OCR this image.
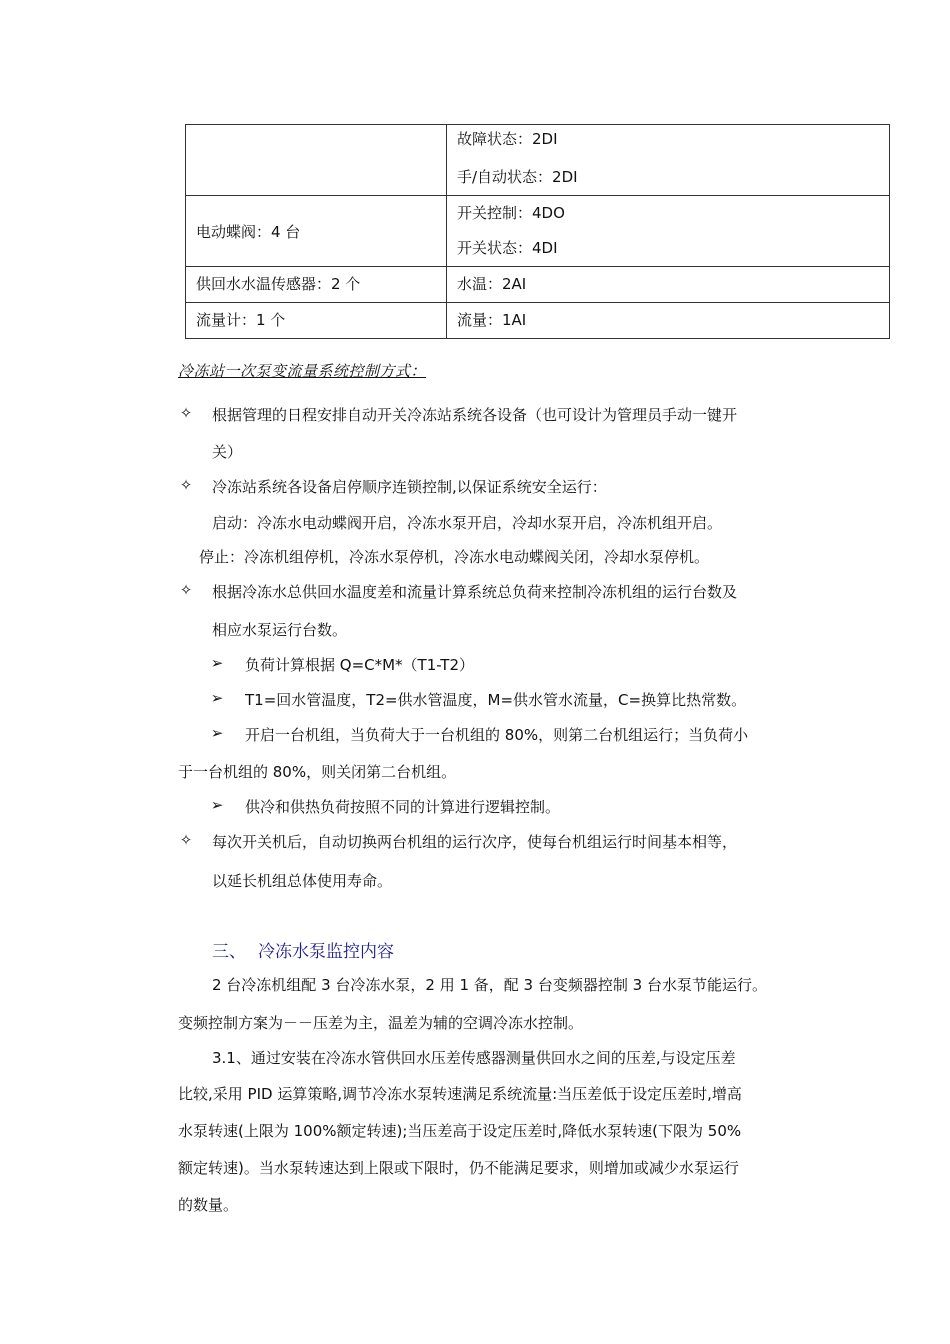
	故障状态：2DI
手/自动状态：2DI

电动蝶阀：4 台	开关控制：4DO
开关状态：4DI

供回水水温传感器：2 个	水温：2AI

流量计：1 个	流量：1AI
冷冻站一次泵变流量系统控制方式：
✧ 根据管理的日程安排自动开关冷冻站系统各设备（也可设计为管理员手动一键开
关）
✧ 冷冻站系统各设备启停顺序连锁控制,以保证系统安全运行：
启动：冷冻水电动蝶阀开启，冷冻水泵开启，冷却水泵开启，冷冻机组开启。
停止：冷冻机组停机，冷冻水泵停机，冷冻水电动蝶阀关闭，冷却水泵停机。
✧ 根据冷冻水总供回水温度差和流量计算系统总负荷来控制冷冻机组的运行台数及
相应水泵运行台数。
➢ 负荷计算根据 Q=C*M*（T1-T2）
➢ T1=回水管温度，T2=供水管温度，M=供水管水流量，C=换算比热常数。
➢ 开启一台机组，当负荷大于一台机组的 80%，则第二台机组运行；当负荷小
于一台机组的 80%，则关闭第二台机组。
➢ 供冷和供热负荷按照不同的计算进行逻辑控制。
✧ 每次开关机后，自动切换两台机组的运行次序，使每台机组运行时间基本相等，
以延长机组总体使用寿命。
三、 冷冻水泵监控内容
2 台冷冻机组配 3 台冷冻水泵，2 用 1 备，配 3 台变频器控制 3 台水泵节能运行。
变频控制方案为－－压差为主，温差为辅的空调冷冻水控制。
3.1、通过安装在冷冻水管供回水压差传感器测量供回水之间的压差,与设定压差
比较,采用 PID 运算策略,调节冷冻水泵转速满足系统流量:当压差低于设定压差时,增高
水泵转速(上限为 100%额定转速);当压差高于设定压差时,降低水泵转速(下限为 50%
额定转速)。当水泵转速达到上限或下限时，仍不能满足要求，则增加或减少水泵运行
的数量。
